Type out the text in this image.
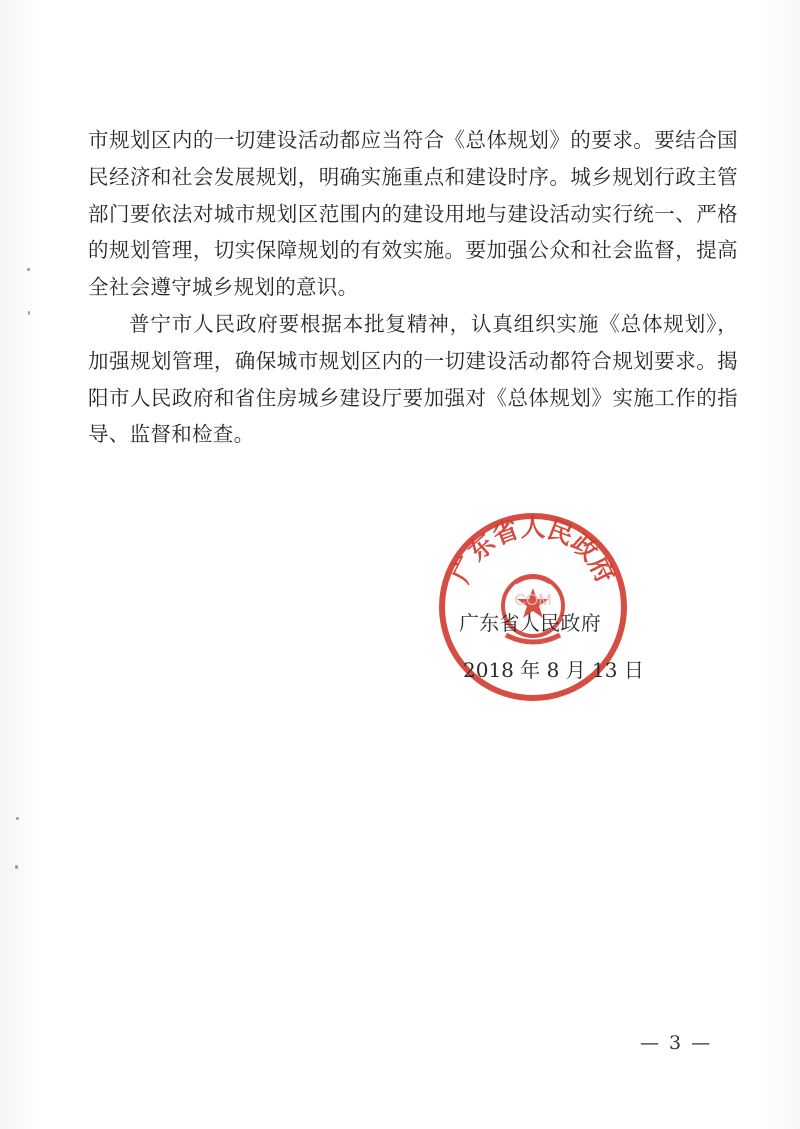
市规划区内的一切建设活动都应当符合《总体规划》的要求。要结合国民经济和社会发展规划，明确实施重点和建设时序。城乡规划行政主管部门要依法对城市规划区范围内的建设用地与建设活动实行统一、严格的规划管理，切实保障规划的有效实施。要加强公众和社会监督，提高全社会遵守城乡规划的意识。

普宁市人民政府要根据本批复精神，认真组织实施《总体规划》，加强规划管理，确保城市规划区内的一切建设活动都符合规划要求。揭阳市人民政府和省住房城乡建设厅要加强对《总体规划》实施工作的指导、监督和检查。

广东省人民政府
COM
广东省人民政府
2018 年 8 月 13 日
— 3 —
